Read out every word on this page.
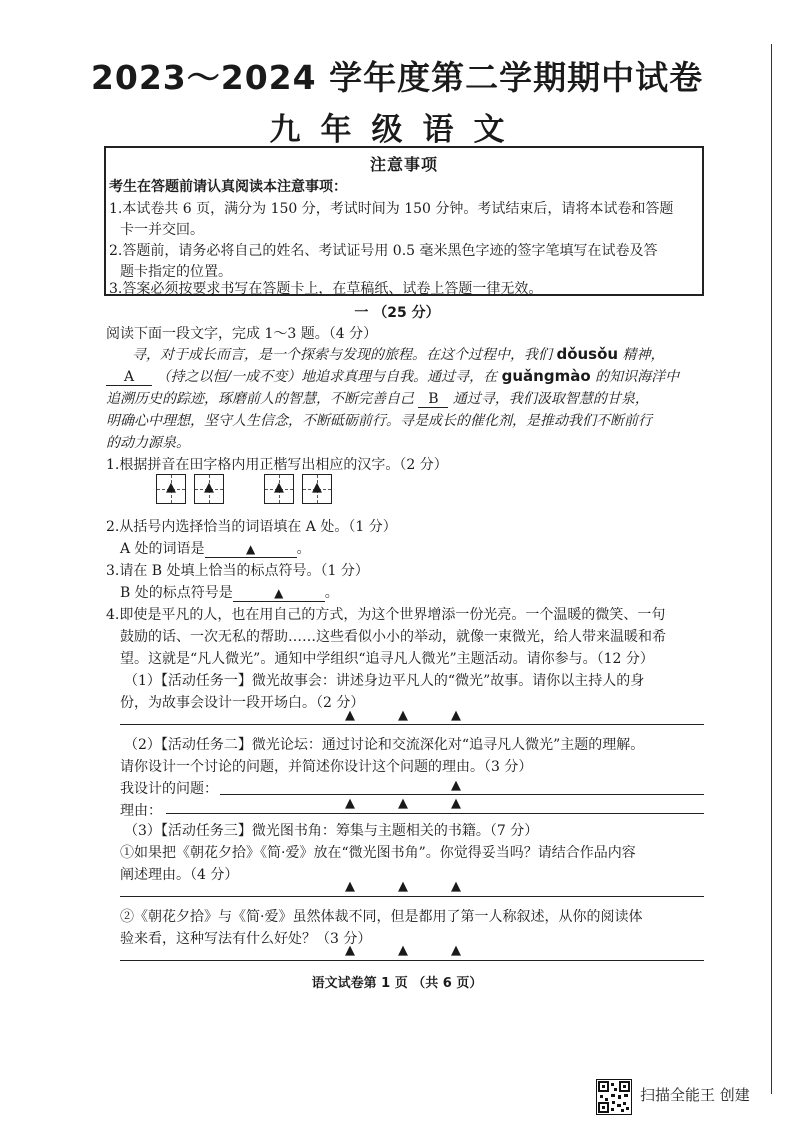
2023～2024 学年度第二学期期中试卷
九年级语文
注意事项
考生在答题前请认真阅读本注意事项：
1.本试卷共 6 页，满分为 150 分，考试时间为 150 分钟。考试结束后，请将本试卷和答题
卡一并交回。
2.答题前，请务必将自己的姓名、考试证号用 0.5 毫米黑色字迹的签字笔填写在试卷及答
题卡指定的位置。
3.答案必须按要求书写在答题卡上，在草稿纸、试卷上答题一律无效。
一 （25 分）
阅读下面一段文字，完成 1～3 题。（4 分）
寻，对于成长而言，是一个探索与发现的旅程。在这个过程中，我们 dǒusǒu 精神，
A （持之以恒/一成不变）地追求真理与自我。通过寻，在 guǎngmào 的知识海洋中
追溯历史的踪迹，琢磨前人的智慧，不断完善自己 B 通过寻，我们汲取智慧的甘泉，
明确心中理想，坚守人生信念，不断砥砺前行。寻是成长的催化剂，是推动我们不断前行
的动力源泉。
1.根据拼音在田字格内用正楷写出相应的汉字。（2 分）
▲	▲	▲	▲
2.从括号内选择恰当的词语填在 A 处。（1 分）
A 处的词语是	▲	。
3.请在 B 处填上恰当的标点符号。（1 分）
B 处的标点符号是	▲	。
4.即使是平凡的人，也在用自己的方式，为这个世界增添一份光亮。一个温暖的微笑、一句
鼓励的话、一次无私的帮助……这些看似小小的举动，就像一束微光，给人带来温暖和希
望。这就是“凡人微光”。通知中学组织“追寻凡人微光”主题活动。请你参与。（12 分）
（1）【活动任务一】微光故事会：讲述身边平凡人的“微光”故事。请你以主持人的身
份，为故事会设计一段开场白。（2 分）
▲	▲	▲
（2）【活动任务二】微光论坛：通过讨论和交流深化对“追寻凡人微光”主题的理解。
请你设计一个讨论的问题，并简述你设计这个问题的理由。（3 分）
我设计的问题：	▲
理由：	▲	▲	▲
（3）【活动任务三】微光图书角：筹集与主题相关的书籍。（7 分）
①如果把《朝花夕拾》《简·爱》放在“微光图书角”。你觉得妥当吗？请结合作品内容
阐述理由。（4 分）
▲	▲	▲
②《朝花夕拾》与《简·爱》虽然体裁不同，但是都用了第一人称叙述，从你的阅读体
验来看，这种写法有什么好处？（3 分）
▲	▲	▲
语文试卷第 1 页 （共 6 页）
扫描全能王 创建
